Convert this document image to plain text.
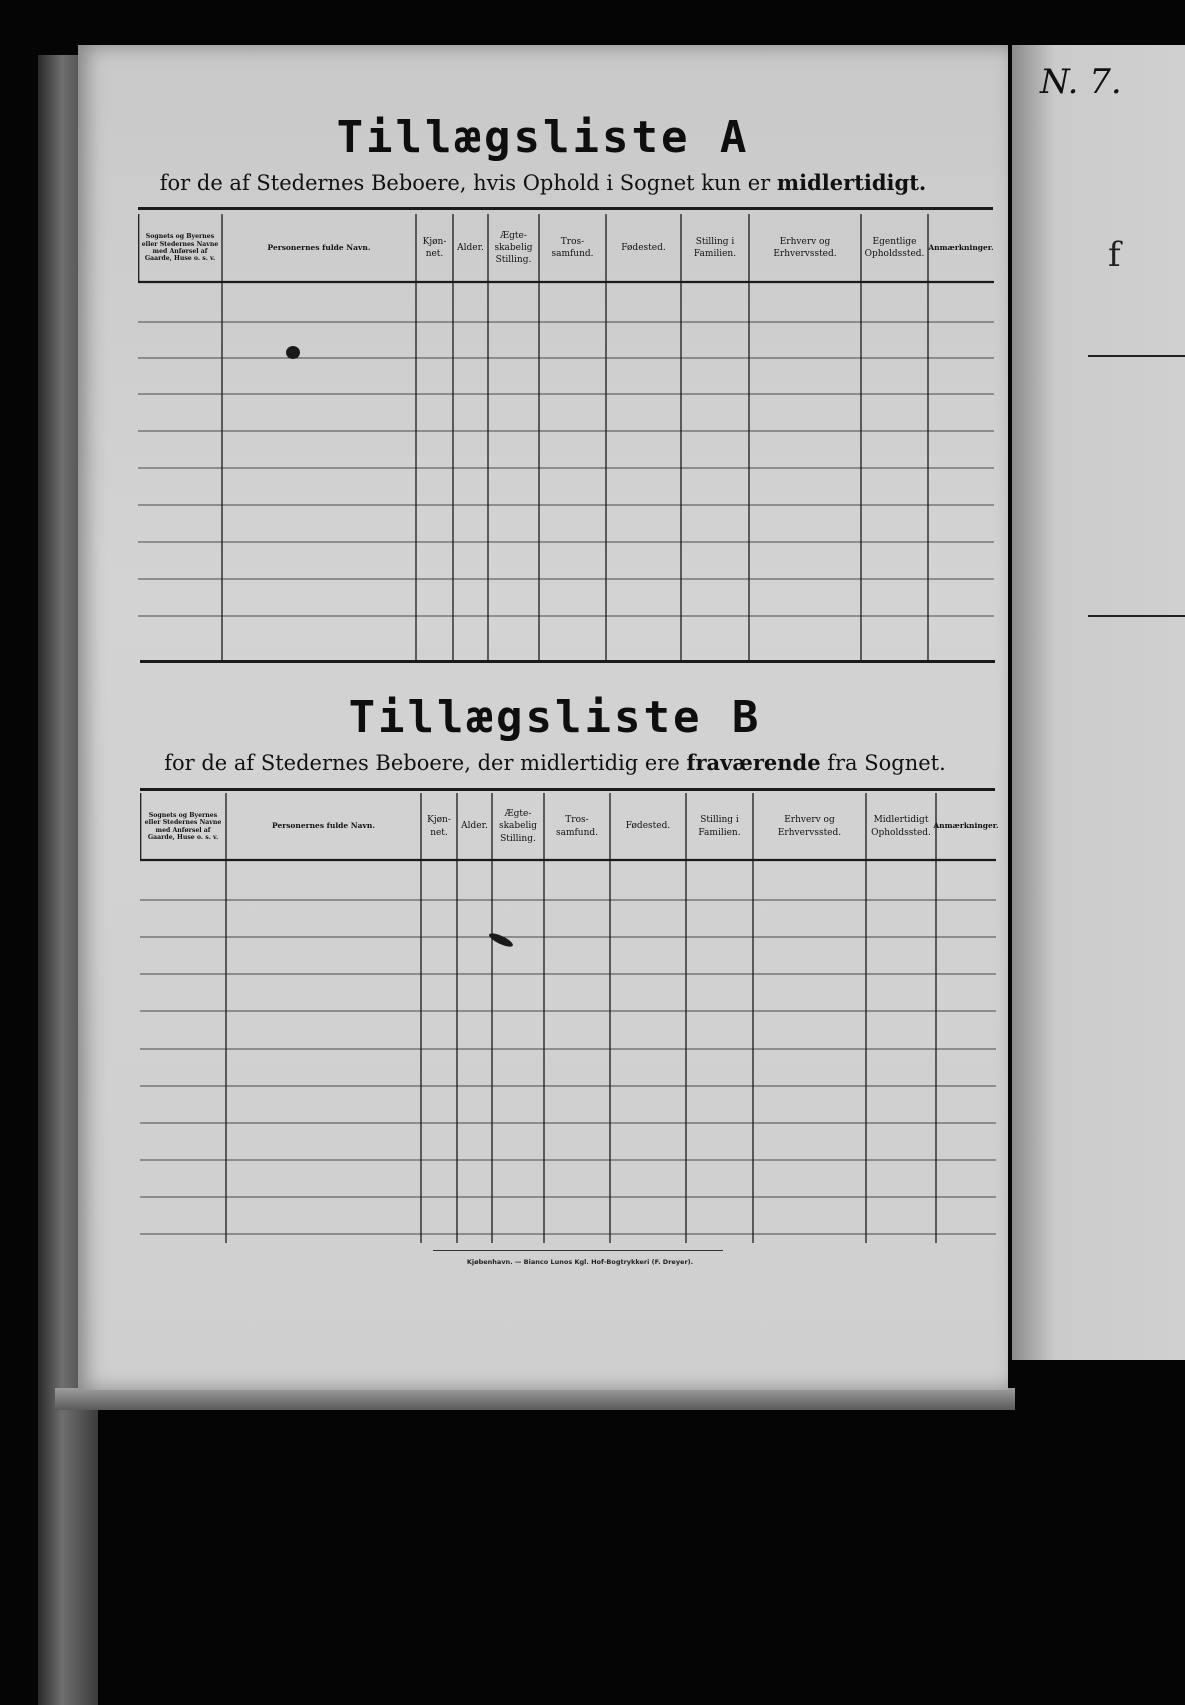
N. 7.
f
Tillægsliste A
for de af Stedernes Beboere, hvis Ophold i Sognet kun er midlertidigt.
Sognets og Byernes eller Stedernes Navne med Anførsel af Gaarde, Huse o. s. v.
Personernes fulde Navn.
Kjøn-net.
Alder.
Ægte-skabelig Stilling.
Tros-samfund.
Fødested.
Stilling i Familien.
Erhverv og Erhvervssted.
Egentlige Opholdssted.
Anmærkninger.
Tillægsliste B
for de af Stedernes Beboere, der midlertidig ere fraværende fra Sognet.
Sognets og Byernes eller Stedernes Navne med Anførsel af Gaarde, Huse o. s. v.
Personernes fulde Navn.
Kjøn-net.
Alder.
Ægte-skabelig Stilling.
Tros-samfund.
Fødested.
Stilling i Familien.
Erhverv og Erhvervssted.
Midlertidigt Opholdssted.
Anmærkninger.
Kjøbenhavn. — Bianco Lunos Kgl. Hof-Bogtrykkeri (F. Dreyer).
